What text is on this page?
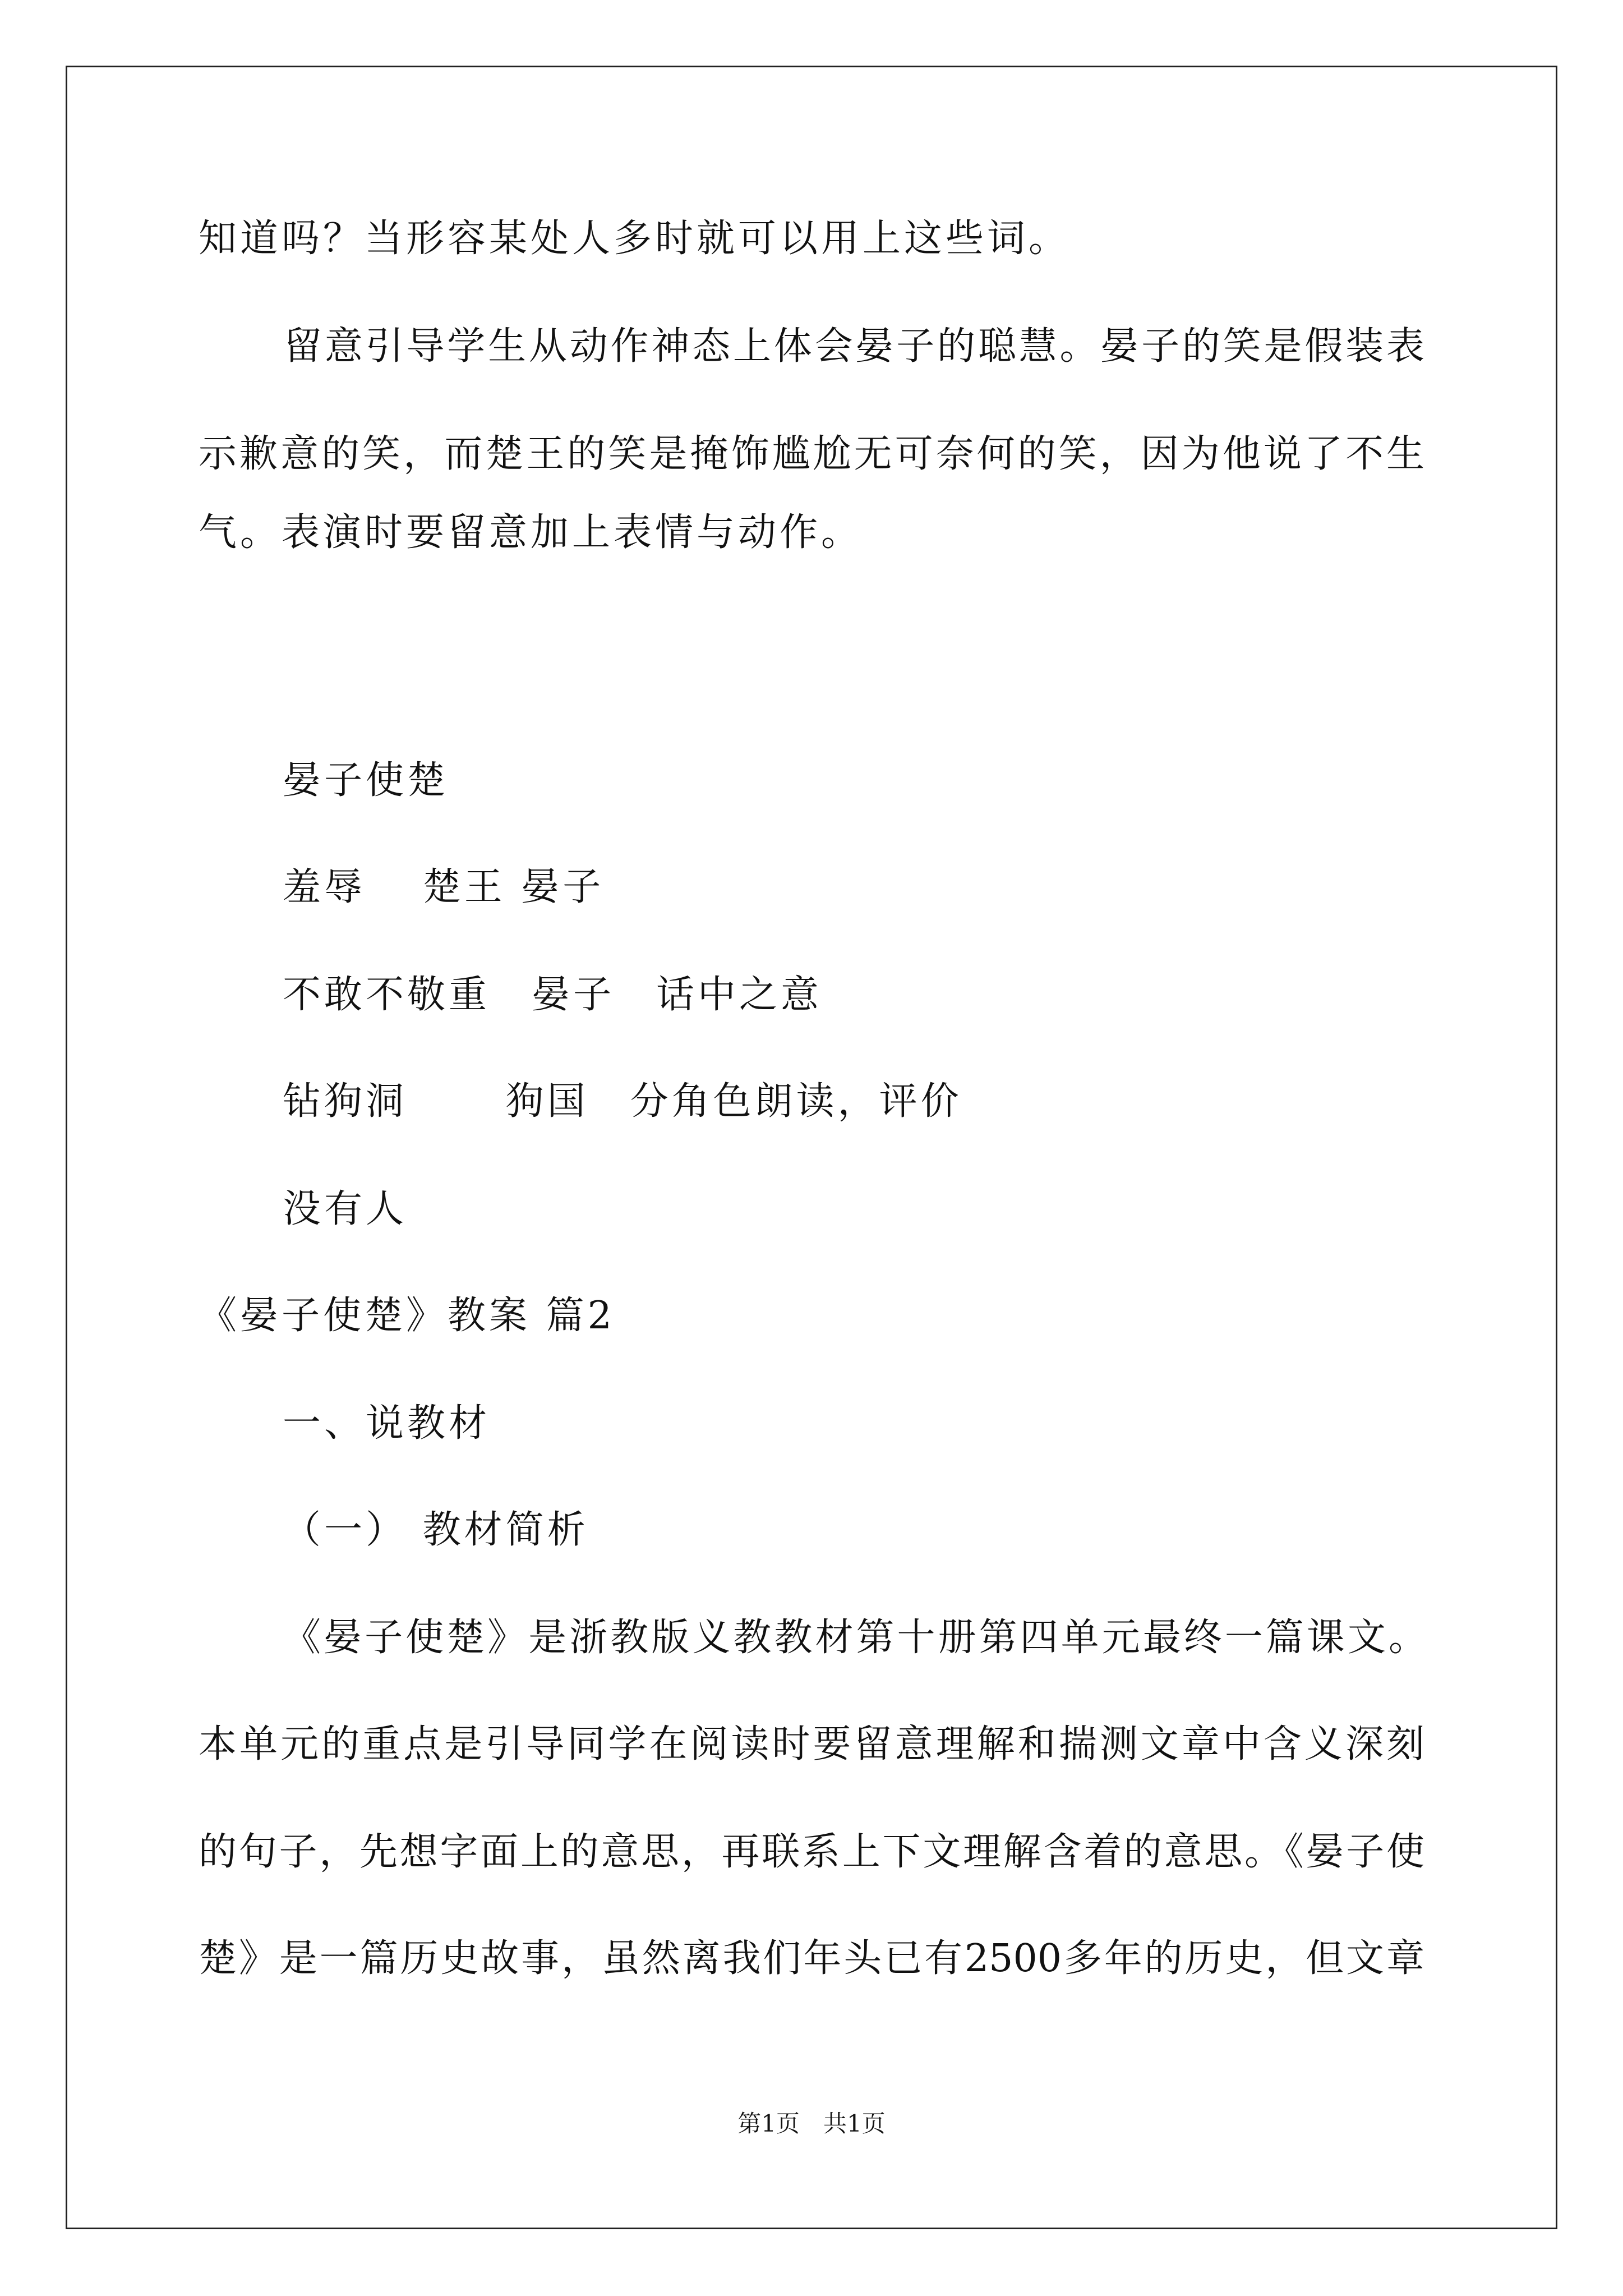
知道吗？当形容某处人多时就可以用上这些词。
留意引导学生从动作神态上体会晏子的聪慧。晏子的笑是假装表
示歉意的笑，而楚王的笑是掩饰尴尬无可奈何的笑，因为他说了不生
气。表演时要留意加上表情与动作。
晏子使楚
羞辱　 楚王 晏子
不敢不敬重　晏子　话中之意
钻狗洞　　 狗国　分角色朗读，评价
没有人
《晏子使楚》教案 篇2
一、说教材
（一） 教材简析
《晏子使楚》是浙教版义教教材第十册第四单元最终一篇课文。
本单元的重点是引导同学在阅读时要留意理解和揣测文章中含义深刻
的句子，先想字面上的意思，再联系上下文理解含着的意思。《晏子使
楚》是一篇历史故事，虽然离我们年头已有2500多年的历史，但文章
第1页　共1页
